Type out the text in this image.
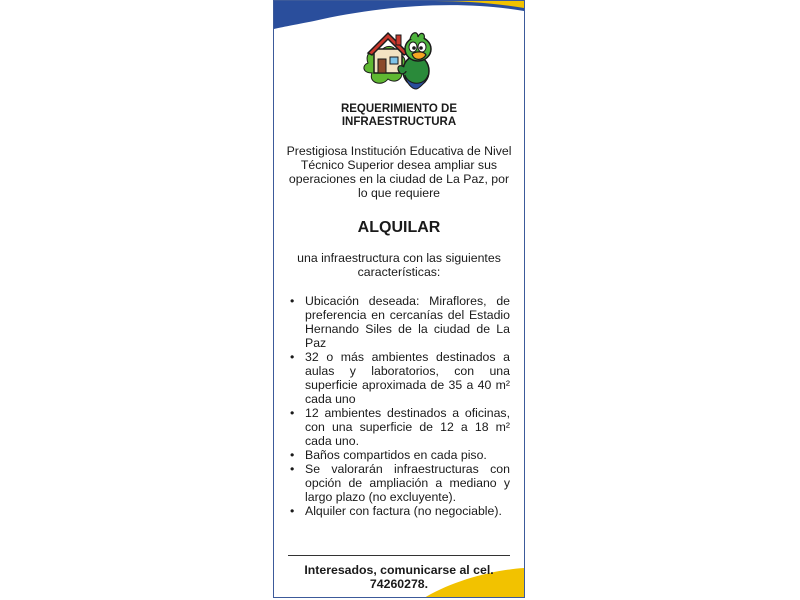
REQUERIMIENTO DE INFRAESTRUCTURA
Prestigiosa Institución Educativa de Nivel Técnico Superior desea ampliar sus operaciones en la ciudad de La Paz, por lo que requiere
ALQUILAR
una infraestructura con las siguientes características:
• Ubicación deseada: Miraflores, de preferencia en cercanías del Estadio Hernando Siles de la ciudad de La Paz
• 32 o más ambientes destinados a aulas y laboratorios, con una superficie aproximada de 35 a 40 m² cada uno
• 12 ambientes destinados a oficinas, con una superficie de 12 a 18 m² cada uno.
• Baños compartidos en cada piso.
• Se valorarán infraestructuras con opción de ampliación a mediano y largo plazo (no excluyente).
• Alquiler con factura (no negociable).
Interesados, comunicarse al cel. 74260278.
